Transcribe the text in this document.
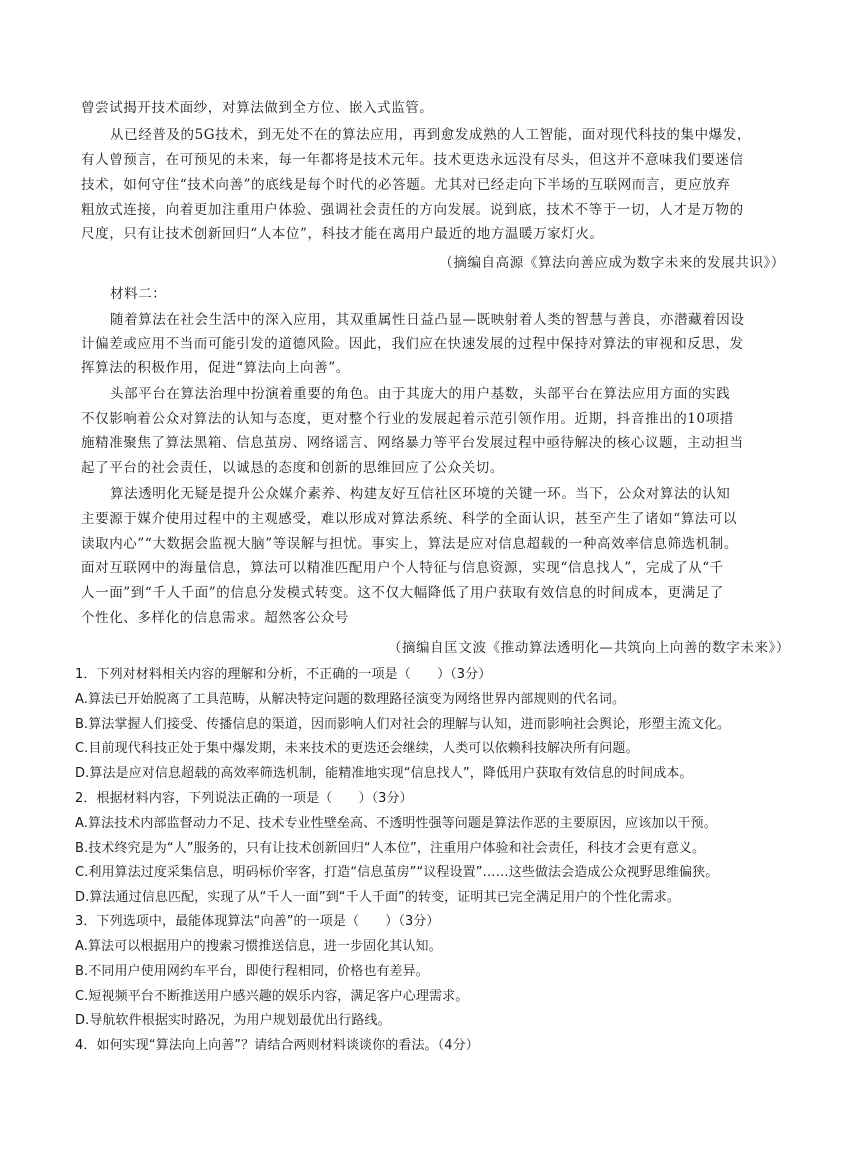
曾尝试揭开技术面纱，对算法做到全方位、嵌入式监管。
从已经普及的5G技术，到无处不在的算法应用，再到愈发成熟的人工智能，面对现代科技的集中爆发，
有人曾预言，在可预见的未来，每一年都将是技术元年。技术更迭永远没有尽头，但这并不意味我们要迷信
技术，如何守住“技术向善”的底线是每个时代的必答题。尤其对已经走向下半场的互联网而言，更应放弃
粗放式连接，向着更加注重用户体验、强调社会责任的方向发展。说到底，技术不等于一切，人才是万物的
尺度，只有让技术创新回归“人本位”，科技才能在离用户最近的地方温暖万家灯火。
（摘编自高源《算法向善应成为数字未来的发展共识》）
材料二：
随着算法在社会生活中的深入应用，其双重属性日益凸显—既映射着人类的智慧与善良，亦潜藏着因设
计偏差或应用不当而可能引发的道德风险。因此，我们应在快速发展的过程中保持对算法的审视和反思，发
挥算法的积极作用，促进“算法向上向善”。
头部平台在算法治理中扮演着重要的角色。由于其庞大的用户基数，头部平台在算法应用方面的实践
不仅影响着公众对算法的认知与态度，更对整个行业的发展起着示范引领作用。近期，抖音推出的10项措
施精准聚焦了算法黑箱、信息茧房、网络谣言、网络暴力等平台发展过程中亟待解决的核心议题，主动担当
起了平台的社会责任，以诚恳的态度和创新的思维回应了公众关切。
算法透明化无疑是提升公众媒介素养、构建友好互信社区环境的关键一环。当下，公众对算法的认知
主要源于媒介使用过程中的主观感受，难以形成对算法系统、科学的全面认识，甚至产生了诸如“算法可以
读取内心”“大数据会监视大脑”等误解与担忧。事实上，算法是应对信息超载的一种高效率信息筛选机制。
面对互联网中的海量信息，算法可以精准匹配用户个人特征与信息资源，实现“信息找人”，完成了从“千
人一面”到“千人千面”的信息分发模式转变。这不仅大幅降低了用户获取有效信息的时间成本，更满足了
个性化、多样化的信息需求。超然客公众号
（摘编自匡文波《推动算法透明化—共筑向上向善的数字未来》）
1．下列对材料相关内容的理解和分析，不正确的一项是（　　）（3分）
A.算法已开始脱离了工具范畴，从解决特定问题的数理路径演变为网络世界内部规则的代名词。
B.算法掌握人们接受、传播信息的渠道，因而影响人们对社会的理解与认知，进而影响社会舆论，形塑主流文化。
C.目前现代科技正处于集中爆发期，未来技术的更迭还会继续，人类可以依赖科技解决所有问题。
D.算法是应对信息超载的高效率筛选机制，能精准地实现“信息找人”，降低用户获取有效信息的时间成本。
2．根据材料内容，下列说法正确的一项是（　　）（3分）
A.算法技术内部监督动力不足、技术专业性壁垒高、不透明性强等问题是算法作恶的主要原因，应该加以干预。
B.技术终究是为“人”服务的，只有让技术创新回归“人本位”，注重用户体验和社会责任，科技才会更有意义。
C.利用算法过度采集信息，明码标价宰客，打造“信息茧房”“议程设置”……这些做法会造成公众视野思维偏狭。
D.算法通过信息匹配，实现了从“千人一面”到“千人千面”的转变，证明其已完全满足用户的个性化需求。
3．下列选项中，最能体现算法“向善”的一项是（　　）（3分）
A.算法可以根据用户的搜索习惯推送信息，进一步固化其认知。
B.不同用户使用网约车平台，即使行程相同，价格也有差异。
C.短视频平台不断推送用户感兴趣的娱乐内容，满足客户心理需求。
D.导航软件根据实时路况，为用户规划最优出行路线。
4．如何实现“算法向上向善”？请结合两则材料谈谈你的看法。（4分）
